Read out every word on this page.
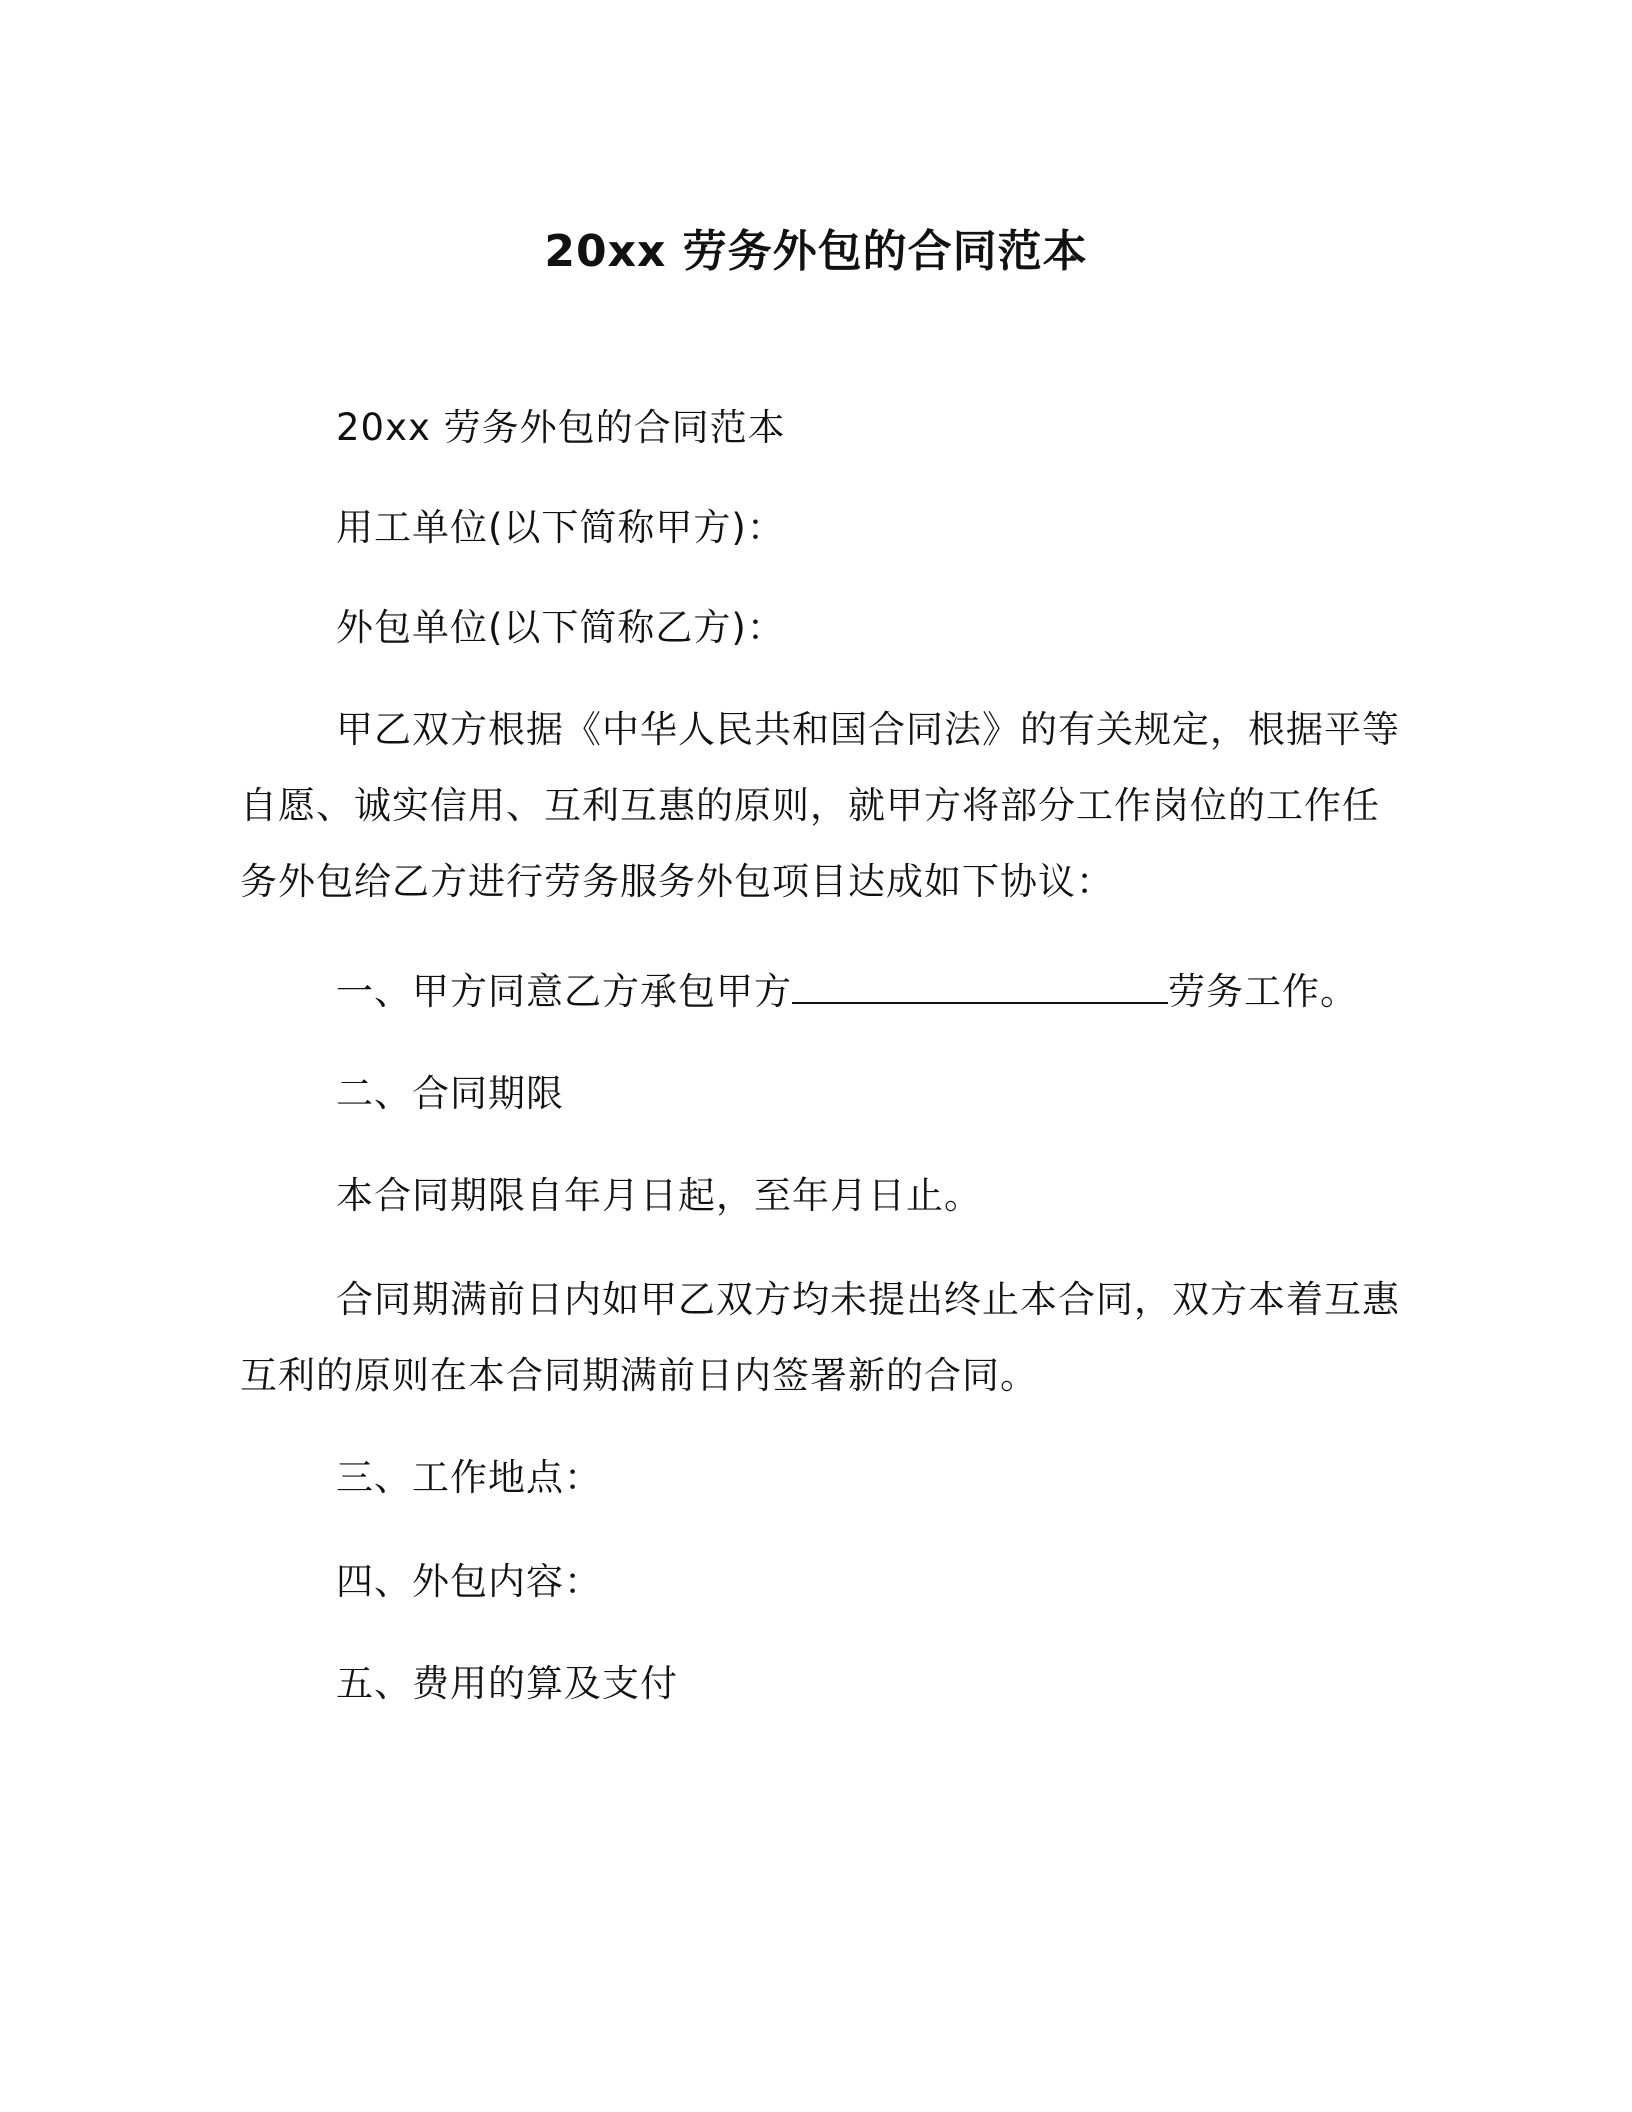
20xx 劳务外包的合同范本

20xx 劳务外包的合同范本

用工单位(以下简称甲方)：

外包单位(以下简称乙方)：

甲乙双方根据《中华人民共和国合同法》的有关规定，根据平等
自愿、诚实信用、互利互惠的原则，就甲方将部分工作岗位的工作任
务外包给乙方进行劳务服务外包项目达成如下协议：

一、甲方同意乙方承包甲方	劳务工作。

二、合同期限

本合同期限自年月日起，至年月日止。

合同期满前日内如甲乙双方均未提出终止本合同，双方本着互惠
互利的原则在本合同期满前日内签署新的合同。

三、工作地点：

四、外包内容：

五、费用的算及支付
